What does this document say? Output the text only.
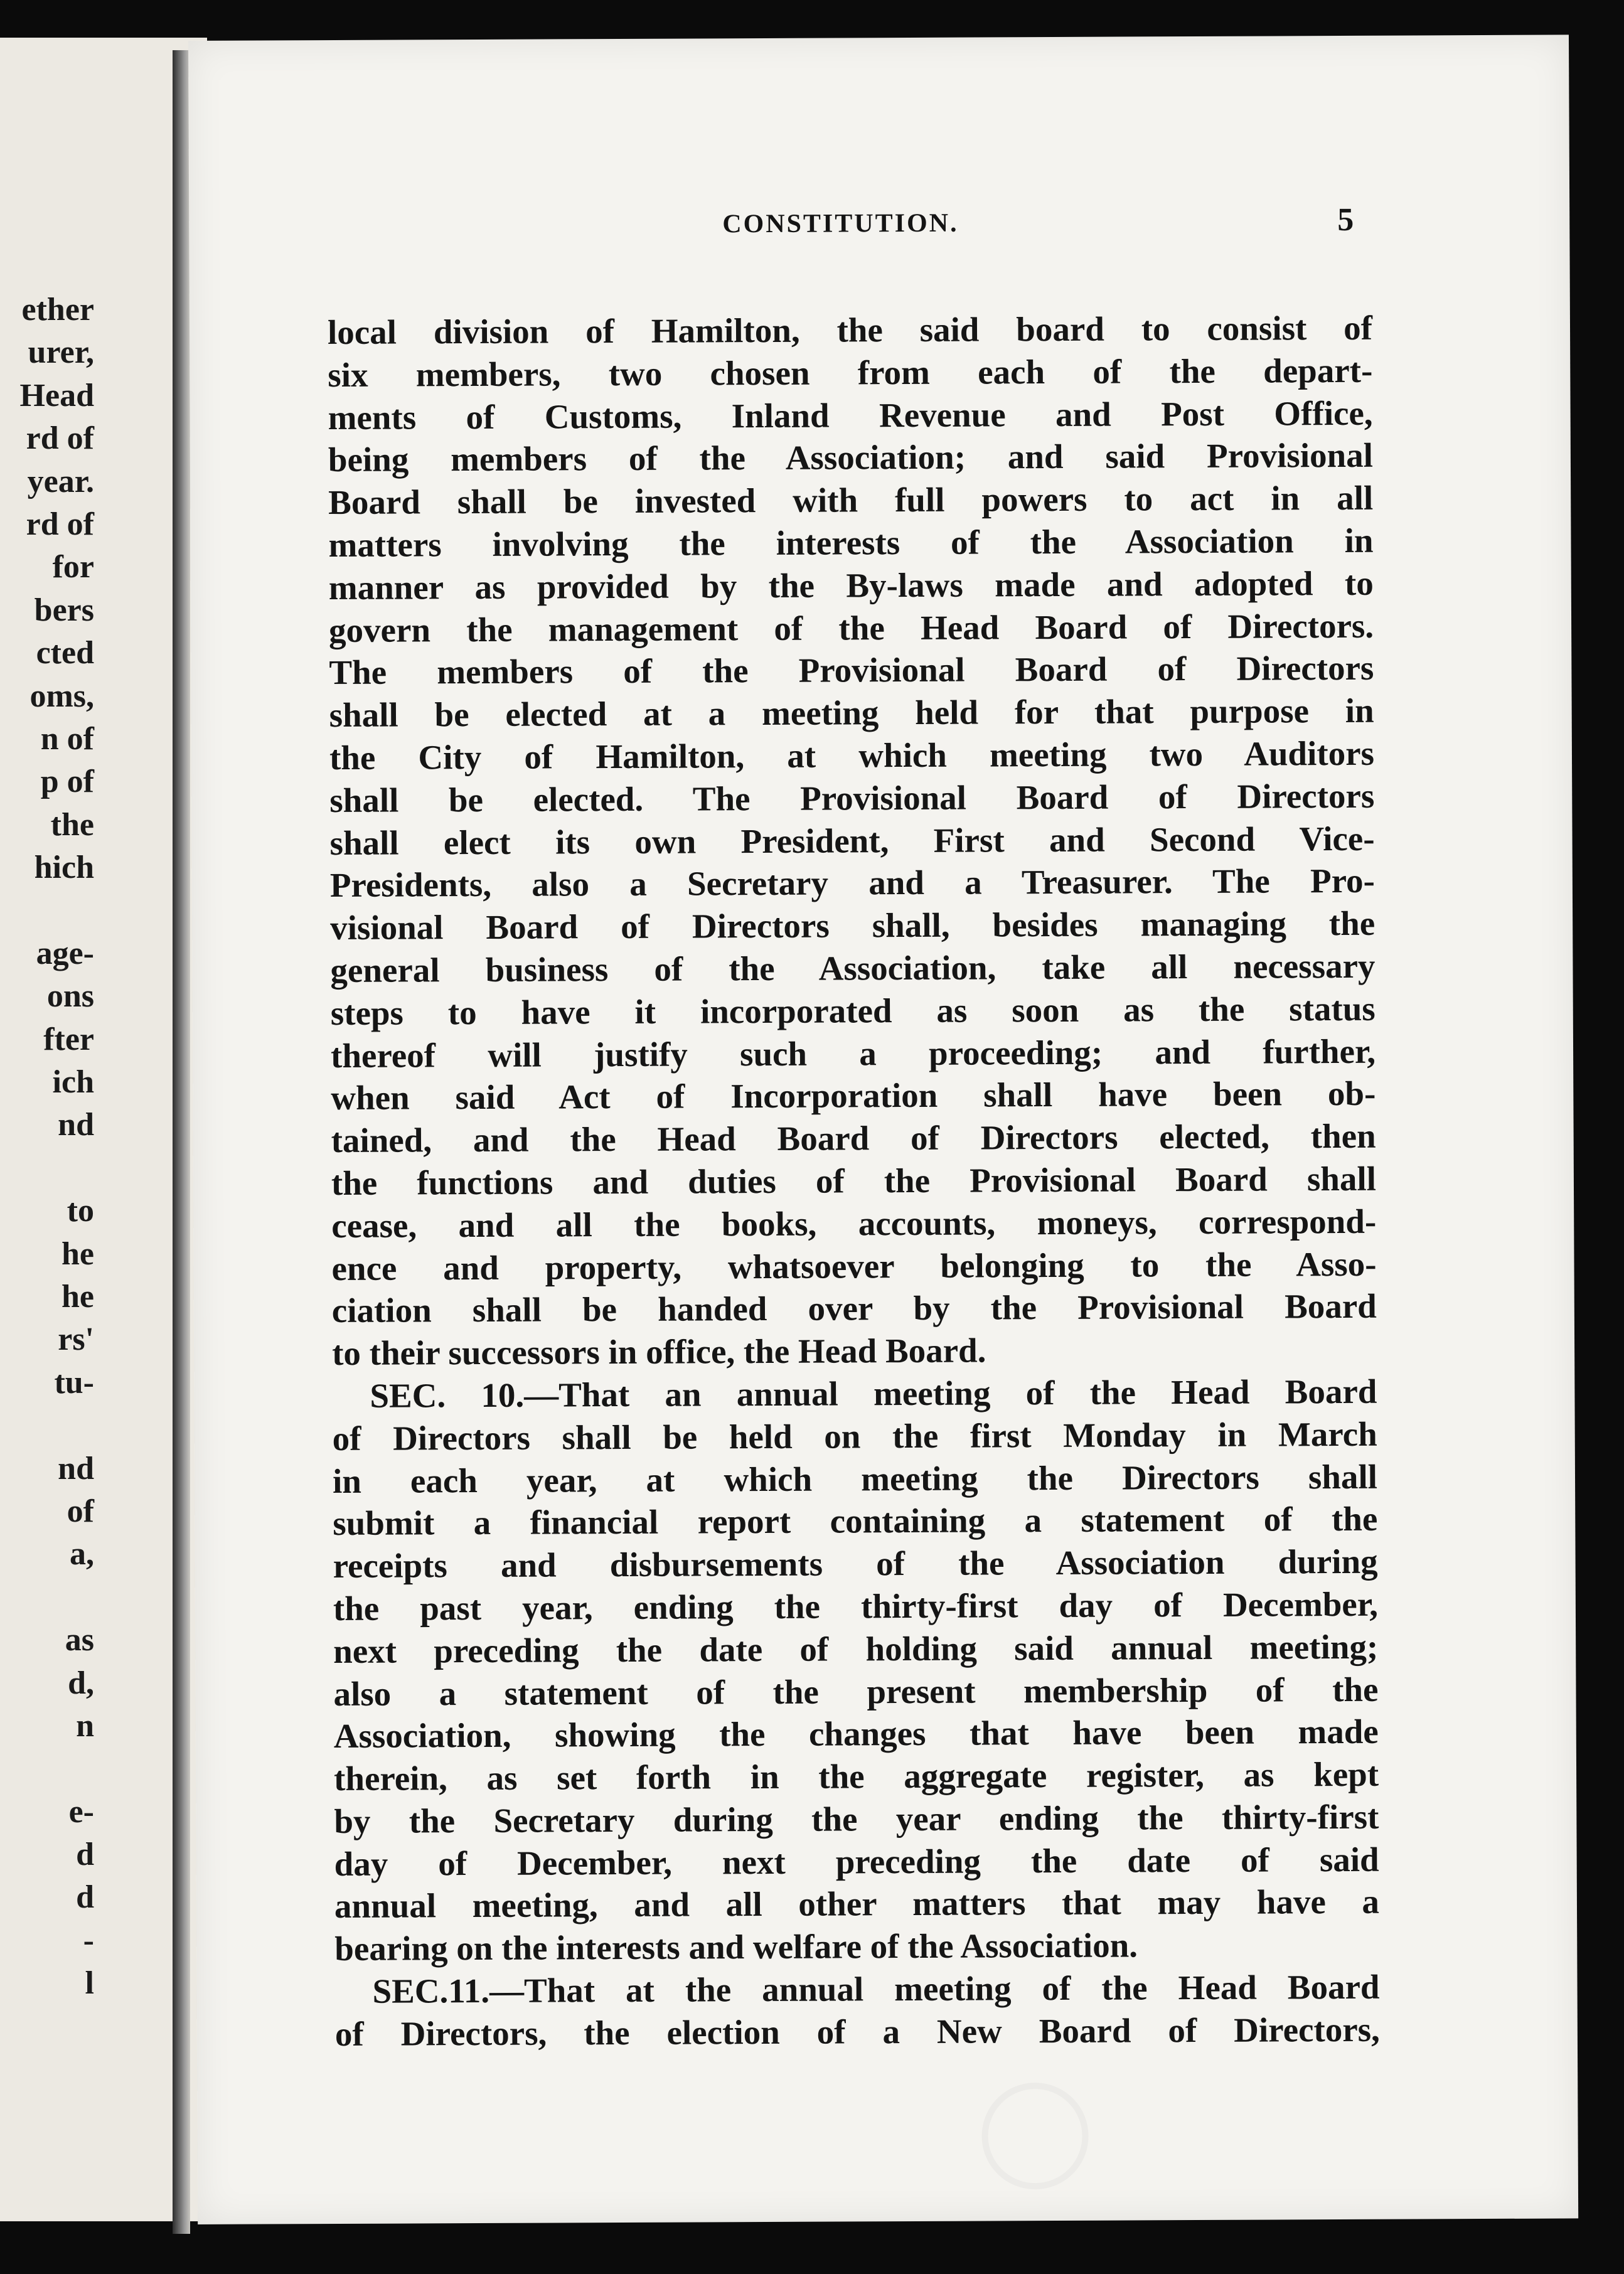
ether
urer,
Head
rd of
year.
rd of
for
bers
cted
oms,
n of
p of
the
hich
age-
ons
fter
ich
nd
to
he
he
rs'
tu-
nd
of
a,
as
d,
n
e-
d
d
-
l
CONSTITUTION.	5
local division of Hamilton, the said board to consist of
six members, two chosen from each of the depart-
ments of Customs, Inland Revenue and Post Office,
being members of the Association; and said Provisional
Board shall be invested with full powers to act in all
matters involving the interests of the Association in
manner as provided by the By-laws made and adopted to
govern the management of the Head Board of Directors.
The members of the Provisional Board of Directors
shall be elected at a meeting held for that purpose in
the City of Hamilton, at which meeting two Auditors
shall be elected. The Provisional Board of Directors
shall elect its own President, First and Second Vice-
Presidents, also a Secretary and a Treasurer. The Pro-
visional Board of Directors shall, besides managing the
general business of the Association, take all necessary
steps to have it incorporated as soon as the status
thereof will justify such a proceeding; and further,
when said Act of Incorporation shall have been ob-
tained, and the Head Board of Directors elected, then
the functions and duties of the Provisional Board shall
cease, and all the books, accounts, moneys, correspond-
ence and property, whatsoever belonging to the Asso-
ciation shall be handed over by the Provisional Board
to their successors in office, the Head Board.
SEC. 10.—That an annual meeting of the Head Board
of Directors shall be held on the first Monday in March
in each year, at which meeting the Directors shall
submit a financial report containing a statement of the
receipts and disbursements of the Association during
the past year, ending the thirty-first day of December,
next preceding the date of holding said annual meeting;
also a statement of the present membership of the
Association, showing the changes that have been made
therein, as set forth in the aggregate register, as kept
by the Secretary during the year ending the thirty-first
day of December, next preceding the date of said
annual meeting, and all other matters that may have a
bearing on the interests and welfare of the Association.
SEC.11.—That at the annual meeting of the Head Board
of Directors, the election of a New Board of Directors,
